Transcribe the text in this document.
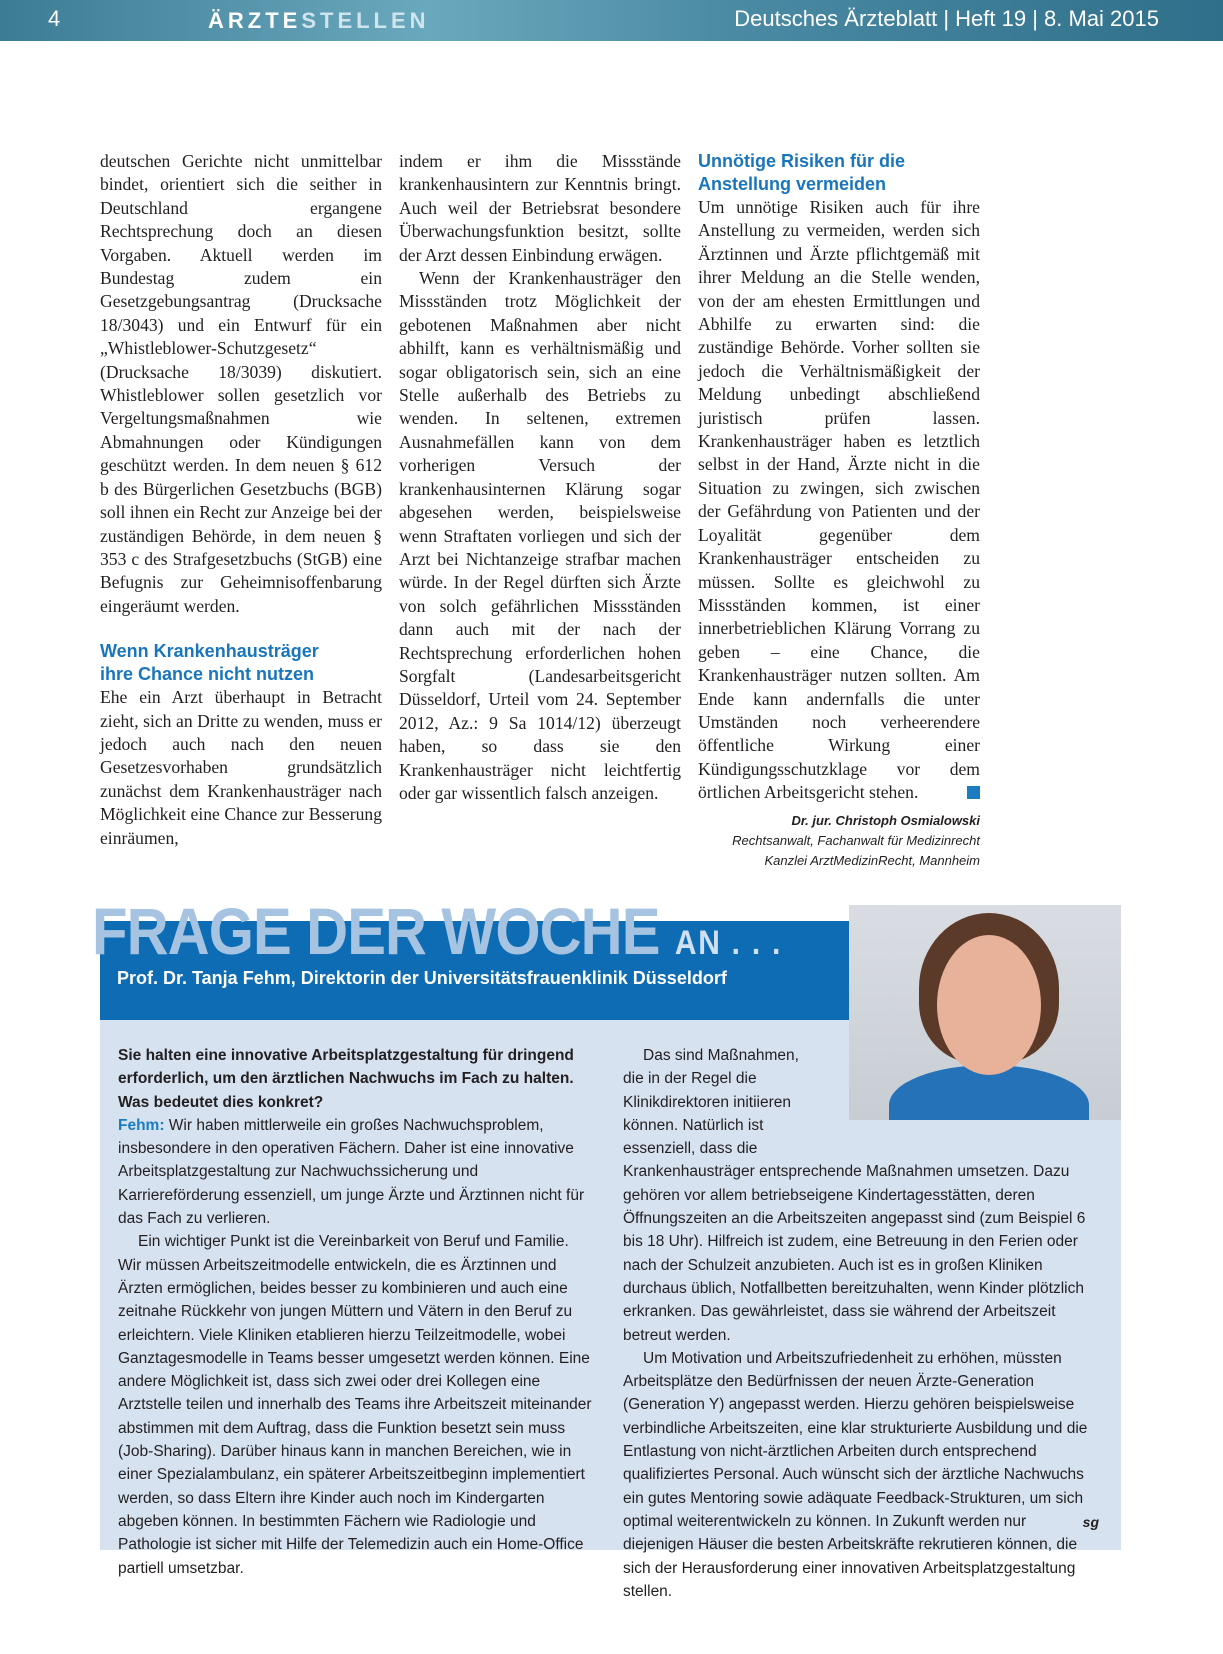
4	ÄRZTESTELLEN	Deutsches Ärzteblatt | Heft 19 | 8. Mai 2015

deutschen Gerichte nicht unmittelbar bindet, orientiert sich die seither in Deutschland ergangene Rechtsprechung doch an diesen Vorgaben. Aktuell werden im Bundestag zudem ein Gesetzgebungsantrag (Drucksache 18/3043) und ein Entwurf für ein „Whistleblower-Schutzgesetz“ (Drucksache 18/3039) diskutiert. Whistleblower sollen gesetzlich vor Vergeltungsmaßnahmen wie Abmahnungen oder Kündigungen geschützt werden. In dem neuen § 612 b des Bürgerlichen Gesetzbuchs (BGB) soll ihnen ein Recht zur Anzeige bei der zuständigen Behörde, in dem neuen § 353 c des Strafgesetzbuchs (StGB) eine Befugnis zur Geheimnisoffenbarung eingeräumt werden.

Wenn Krankenhausträger
ihre Chance nicht nutzen

Ehe ein Arzt überhaupt in Betracht zieht, sich an Dritte zu wenden, muss er jedoch auch nach den neuen Gesetzesvorhaben grundsätzlich zunächst dem Krankenhausträger nach Möglichkeit eine Chance zur Besserung einräumen,

indem er ihm die Missstände krankenhausintern zur Kenntnis bringt. Auch weil der Betriebsrat besondere Überwachungsfunktion besitzt, sollte der Arzt dessen Einbindung erwägen.

Wenn der Krankenhausträger den Missständen trotz Möglichkeit der gebotenen Maßnahmen aber nicht abhilft, kann es verhältnismäßig und sogar obligatorisch sein, sich an eine Stelle außerhalb des Betriebs zu wenden. In seltenen, extremen Ausnahmefällen kann von dem vorherigen Versuch der krankenhausinternen Klärung sogar abgesehen werden, beispielsweise wenn Straftaten vorliegen und sich der Arzt bei Nichtanzeige strafbar machen würde. In der Regel dürften sich Ärzte von solch gefährlichen Missständen dann auch mit der nach der Rechtsprechung erforderlichen hohen Sorgfalt (Landesarbeitsgericht Düsseldorf, Urteil vom 24. September 2012, Az.: 9 Sa 1014/12) überzeugt haben, so dass sie den Krankenhausträger nicht leichtfertig oder gar wissentlich falsch anzeigen.

Unnötige Risiken für die
Anstellung vermeiden

Um unnötige Risiken auch für ihre Anstellung zu vermeiden, werden sich Ärztinnen und Ärzte pflichtgemäß mit ihrer Meldung an die Stelle wenden, von der am ehesten Ermittlungen und Abhilfe zu erwarten sind: die zuständige Behörde. Vorher sollten sie jedoch die Verhältnismäßigkeit der Meldung unbedingt abschließend juristisch prüfen lassen. Krankenhausträger haben es letztlich selbst in der Hand, Ärzte nicht in die Situation zu zwingen, sich zwischen der Gefährdung von Patienten und der Loyalität gegenüber dem Krankenhausträger entscheiden zu müssen. Sollte es gleichwohl zu Missständen kommen, ist einer innerbetrieblichen Klärung Vorrang zu geben – eine Chance, die Krankenhausträger nutzen sollten. Am Ende kann andernfalls die unter Umständen noch verheerendere öffentliche Wirkung einer Kündigungsschutzklage vor dem örtlichen Arbeitsgericht stehen.

Dr. jur. Christoph Osmialowski
Rechtsanwalt, Fachanwalt für Medizinrecht
Kanzlei ArztMedizinRecht, Mannheim
FRAGE DER WOCHE AN . . .
Prof. Dr. Tanja Fehm, Direktorin der Universitätsfrauenklinik Düsseldorf

Sie halten eine innovative Arbeitsplatzgestaltung für dringend erforderlich, um den ärztlichen Nachwuchs im Fach zu halten. Was bedeutet dies konkret?

Fehm: Wir haben mittlerweile ein großes Nachwuchsproblem, insbesondere in den operativen Fächern. Daher ist eine innovative Arbeitsplatzgestaltung zur Nachwuchssicherung und Karriereförderung essenziell, um junge Ärzte und Ärztinnen nicht für das Fach zu verlieren.

Ein wichtiger Punkt ist die Vereinbarkeit von Beruf und Familie. Wir müssen Arbeitszeitmodelle entwickeln, die es Ärztinnen und Ärzten ermöglichen, beides besser zu kombinieren und auch eine zeitnahe Rückkehr von jungen Müttern und Vätern in den Beruf zu erleichtern. Viele Kliniken etablieren hierzu Teilzeitmodelle, wobei Ganztagesmodelle in Teams besser umgesetzt werden können. Eine andere Möglichkeit ist, dass sich zwei oder drei Kollegen eine Arztstelle teilen und innerhalb des Teams ihre Arbeitszeit miteinander abstimmen mit dem Auftrag, dass die Funktion besetzt sein muss (Job-Sharing). Darüber hinaus kann in manchen Bereichen, wie in einer Spezialambulanz, ein späterer Arbeitszeitbeginn implementiert werden, so dass Eltern ihre Kinder auch noch im Kindergarten abgeben können. In bestimmten Fächern wie Radiologie und Pathologie ist sicher mit Hilfe der Telemedizin auch ein Home-Office partiell umsetzbar.

Das sind Maßnahmen, die in der Regel die Klinikdirektoren initiieren können. Natürlich ist essenziell, dass die

Krankenhausträger entsprechende Maßnahmen umsetzen. Dazu gehören vor allem betriebseigene Kindertagesstätten, deren Öffnungszeiten an die Arbeitszeiten angepasst sind (zum Beispiel 6 bis 18 Uhr). Hilfreich ist zudem, eine Betreuung in den Ferien oder nach der Schulzeit anzubieten. Auch ist es in großen Kliniken durchaus üblich, Notfallbetten bereitzuhalten, wenn Kinder plötzlich erkranken. Das gewährleistet, dass sie während der Arbeitszeit betreut werden.

Um Motivation und Arbeitszufriedenheit zu erhöhen, müssten Arbeitsplätze den Bedürfnissen der neuen Ärzte-Generation (Generation Y) angepasst werden. Hierzu gehören beispielsweise verbindliche Arbeitszeiten, eine klar strukturierte Ausbildung und die Entlastung von nicht-ärztlichen Arbeiten durch entsprechend qualifiziertes Personal. Auch wünscht sich der ärztliche Nachwuchs ein gutes Mentoring sowie adäquate Feedback-Strukturen, um sich optimal weiterentwickeln zu können. In Zukunft werden nur diejenigen Häuser die besten Arbeitskräfte rekrutieren können, die sich der Herausforderung einer innovativen Arbeitsplatzgestaltung stellen.

sg
